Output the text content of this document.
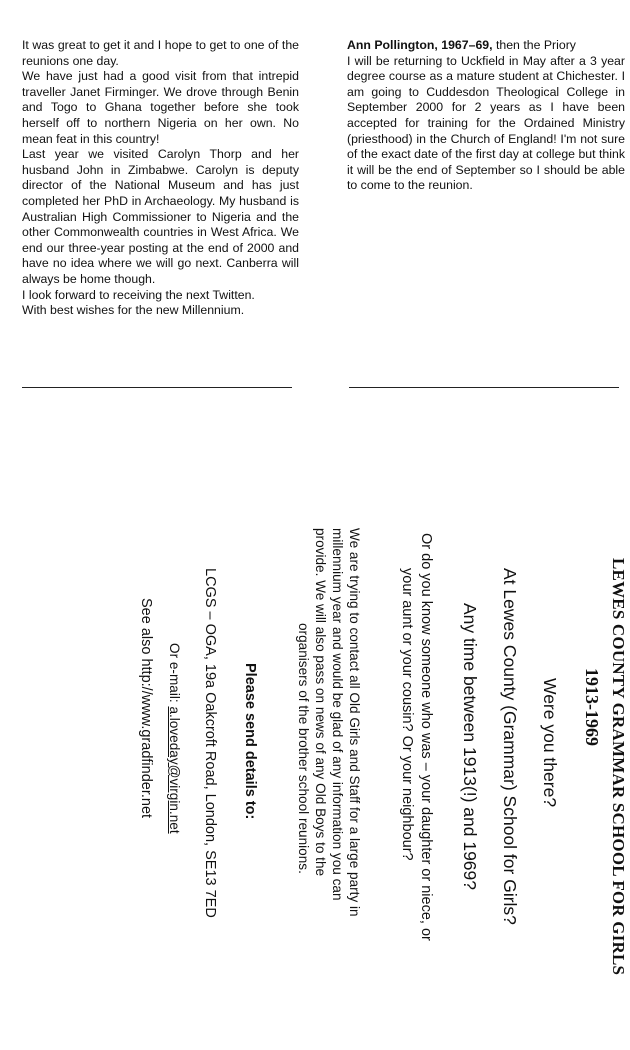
It was great to get it and I hope to get to one of the reunions one day.

We have just had a good visit from that intrepid traveller Janet Firminger. We drove through Benin and Togo to Ghana together before she took herself off to northern Nigeria on her own. No mean feat in this country!

Last year we visited Carolyn Thorp and her husband John in Zimbabwe. Carolyn is deputy director of the National Museum and has just completed her PhD in Archaeology. My husband is Australian High Commissioner to Nigeria and the other Commonwealth countries in West Africa. We end our three-year posting at the end of 2000 and have no idea where we will go next. Canberra will always be home though.

I look forward to receiving the next Twitten.

With best wishes for the new Millennium.

Ann Pollington, 1967–69, then the Priory

I will be returning to Uckfield in May after a 3 year degree course as a mature student at Chichester. I am going to Cuddesdon Theological College in September 2000 for 2 years as I have been accepted for training for the Ordained Ministry (priesthood) in the Church of England! I'm not sure of the exact date of the first day at college but think it will be the end of September so I should be able to come to the reunion.

LEWES COUNTY GRAMMAR SCHOOL FOR GIRLS
1913-1969
Were you there?
At Lewes County (Grammar) School for Girls?
Any time between 1913(!) and 1969?
Or do you know someone who was – your daughter or niece, or
your aunt or your cousin? Or your neighbour?
We are trying to contact all Old Girls and Staff for a large party in
millennium year and would be glad of any information you can
provide. We will also pass on news of any Old Boys to the
organisers of the brother school reunions.
Please send details to:
LCGS – OGA, 19a Oakcroft Road, London, SE13 7ED
Or e-mail: a.loveday@virgin.net
See also http://www.gradfinder.net
